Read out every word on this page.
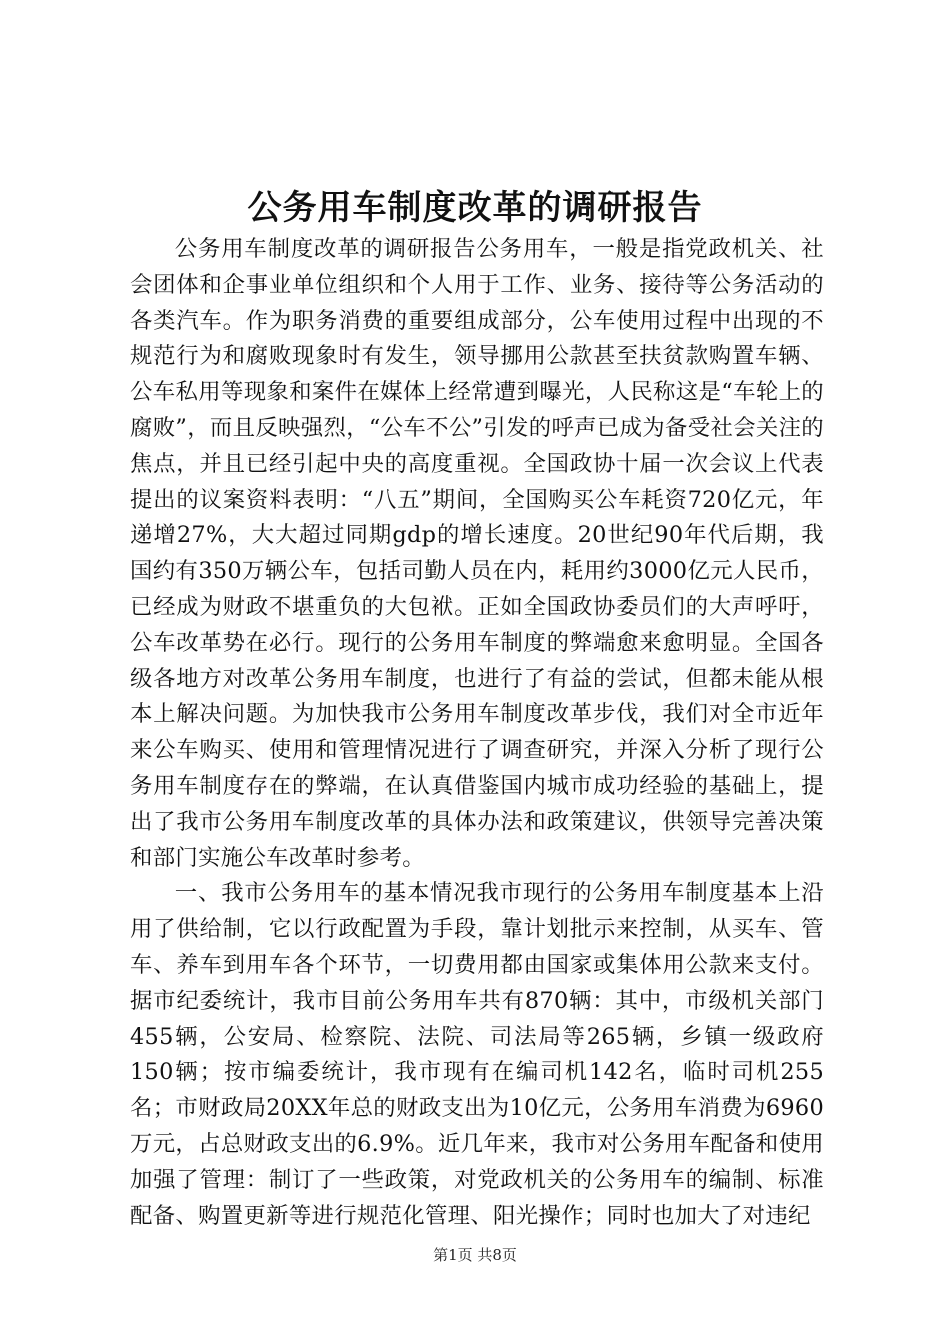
公务用车制度改革的调研报告

公务用车制度改革的调研报告公务用车，一般是指党政机关、社会团体和企事业单位组织和个人用于工作、业务、接待等公务活动的各类汽车。作为职务消费的重要组成部分，公车使用过程中出现的不规范行为和腐败现象时有发生，领导挪用公款甚至扶贫款购置车辆、公车私用等现象和案件在媒体上经常遭到曝光，人民称这是“车轮上的腐败”，而且反映强烈，“公车不公”引发的呼声已成为备受社会关注的焦点，并且已经引起中央的高度重视。全国政协十届一次会议上代表提出的议案资料表明：“八五”期间，全国购买公车耗资720亿元，年递增27%，大大超过同期gdp的增长速度。20世纪90年代后期，我国约有350万辆公车，包括司勤人员在内，耗用约3000亿元人民币，已经成为财政不堪重负的大包袱。正如全国政协委员们的大声呼吁，公车改革势在必行。现行的公务用车制度的弊端愈来愈明显。全国各级各地方对改革公务用车制度，也进行了有益的尝试，但都未能从根本上解决问题。为加快我市公务用车制度改革步伐，我们对全市近年来公车购买、使用和管理情况进行了调查研究，并深入分析了现行公务用车制度存在的弊端，在认真借鉴国内城市成功经验的基础上，提出了我市公务用车制度改革的具体办法和政策建议，供领导完善决策和部门实施公车改革时参考。

一、我市公务用车的基本情况我市现行的公务用车制度基本上沿用了供给制，它以行政配置为手段，靠计划批示来控制，从买车、管车、养车到用车各个环节，一切费用都由国家或集体用公款来支付。据市纪委统计，我市目前公务用车共有870辆：其中，市级机关部门455辆，公安局、检察院、法院、司法局等265辆，乡镇一级政府150辆；按市编委统计，我市现有在编司机142名，临时司机255名；市财政局20XX年总的财政支出为10亿元，公务用车消费为6960万元，占总财政支出的6.9%。近几年来，我市对公务用车配备和使用加强了管理：制订了一些政策，对党政机关的公务用车的编制、标准配备、购置更新等进行规范化管理、阳光操作；同时也加大了对违纪

第1页 共8页
